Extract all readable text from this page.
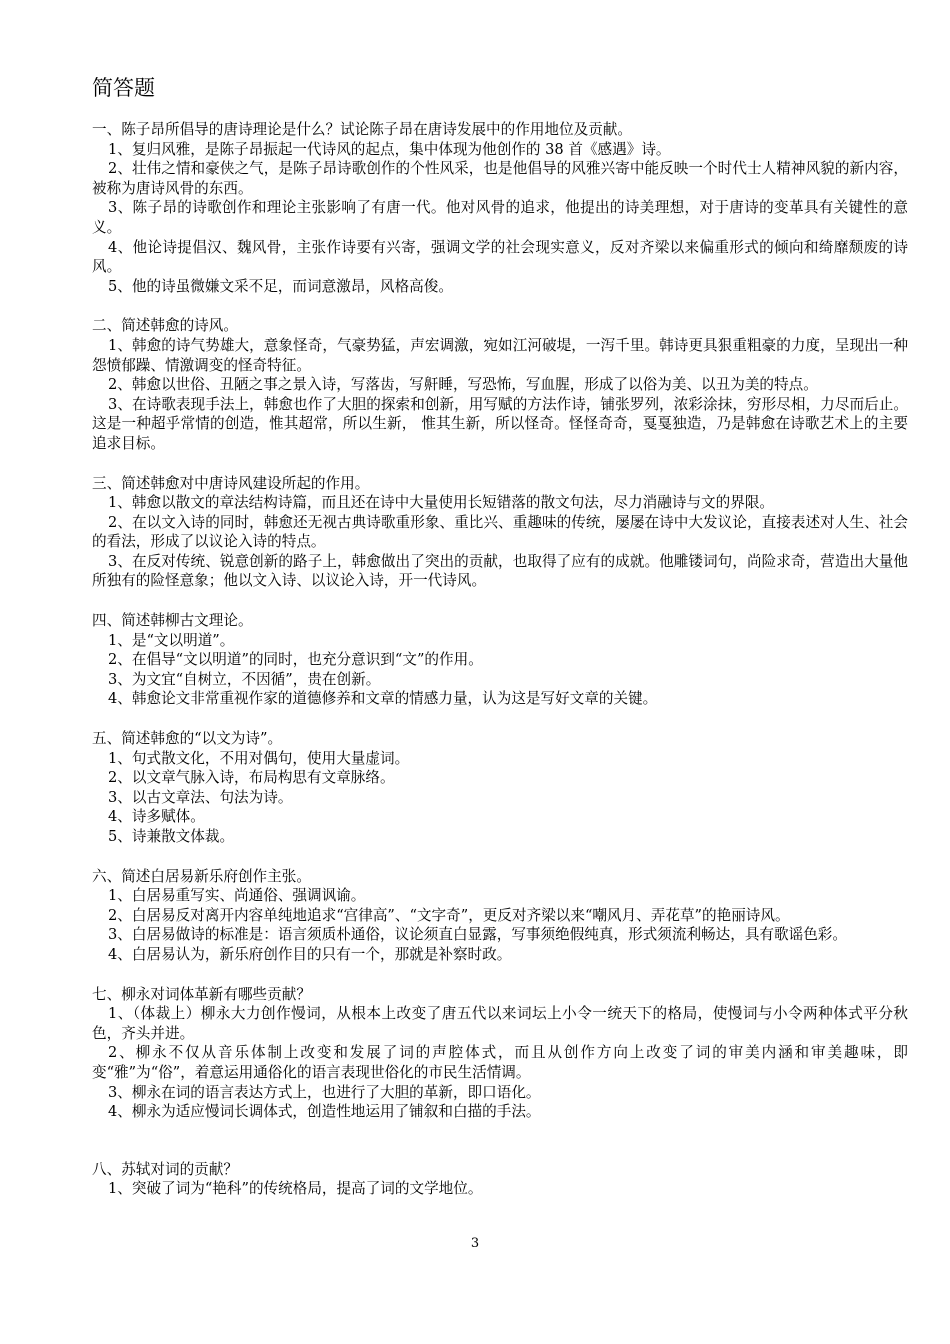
简答题

一、陈子昂所倡导的唐诗理论是什么？试论陈子昂在唐诗发展中的作用地位及贡献。

1、复归风雅，是陈子昂振起一代诗风的起点，集中体现为他创作的 38 首《感遇》诗。

2、壮伟之情和豪侠之气，是陈子昂诗歌创作的个性风采，也是他倡导的风雅兴寄中能反映一个时代士人精神风貌的新内容，被称为唐诗风骨的东西。

3、陈子昂的诗歌创作和理论主张影响了有唐一代。他对风骨的追求，他提出的诗美理想，对于唐诗的变革具有关键性的意义。

4、他论诗提倡汉、魏风骨，主张作诗要有兴寄，强调文学的社会现实意义，反对齐梁以来偏重形式的倾向和绮靡颓废的诗风。

5、他的诗虽微嫌文采不足，而词意激昂，风格高俊。

二、简述韩愈的诗风。

1、韩愈的诗气势雄大，意象怪奇，气豪势猛，声宏调激，宛如江河破堤，一泻千里。韩诗更具狠重粗豪的力度，呈现出一种怨愤郁躁、情激调变的怪奇特征。

2、韩愈以世俗、丑陋之事之景入诗，写落齿，写鼾睡，写恐怖，写血腥，形成了以俗为美、以丑为美的特点。

3、在诗歌表现手法上，韩愈也作了大胆的探索和创新，用写赋的方法作诗，铺张罗列，浓彩涂抹，穷形尽相，力尽而后止。这是一种超乎常情的创造，惟其超常，所以生新， 惟其生新，所以怪奇。怪怪奇奇，戛戛独造，乃是韩愈在诗歌艺术上的主要追求目标。

三、简述韩愈对中唐诗风建设所起的作用。

1、韩愈以散文的章法结构诗篇，而且还在诗中大量使用长短错落的散文句法，尽力消融诗与文的界限。

2、在以文入诗的同时，韩愈还无视古典诗歌重形象、重比兴、重趣味的传统，屡屡在诗中大发议论，直接表述对人生、社会的看法，形成了以议论入诗的特点。

3、在反对传统、锐意创新的路子上，韩愈做出了突出的贡献，也取得了应有的成就。他雕镂词句，尚险求奇，营造出大量他所独有的险怪意象；他以文入诗、以议论入诗，开一代诗风。

四、简述韩柳古文理论。

1、是“文以明道”。

2、在倡导“文以明道”的同时，也充分意识到“文”的作用。

3、为文宜“自树立，不因循”，贵在创新。

4、韩愈论文非常重视作家的道德修养和文章的情感力量，认为这是写好文章的关键。

五、简述韩愈的“以文为诗”。

1、句式散文化，不用对偶句，使用大量虚词。

2、以文章气脉入诗，布局构思有文章脉络。

3、以古文章法、句法为诗。

4、诗多赋体。

5、诗兼散文体裁。

六、简述白居易新乐府创作主张。

1、白居易重写实、尚通俗、强调讽谕。

2、白居易反对离开内容单纯地追求“宫律高”、“文字奇”，更反对齐梁以来“嘲风月、弄花草”的艳丽诗风。

3、白居易做诗的标准是：语言须质朴通俗，议论须直白显露，写事须绝假纯真，形式须流利畅达，具有歌谣色彩。

4、白居易认为，新乐府创作目的只有一个，那就是补察时政。

七、柳永对词体革新有哪些贡献？

1、（体裁上）柳永大力创作慢词，从根本上改变了唐五代以来词坛上小令一统天下的格局，使慢词与小令两种体式平分秋色，齐头并进。

2、柳永不仅从音乐体制上改变和发展了词的声腔体式，而且从创作方向上改变了词的审美内涵和审美趣味，即变“雅”为“俗”，着意运用通俗化的语言表现世俗化的市民生活情调。

3、柳永在词的语言表达方式上，也进行了大胆的革新，即口语化。

4、柳永为适应慢词长调体式，创造性地运用了铺叙和白描的手法。

八、苏轼对词的贡献？

1、突破了词为“艳科”的传统格局，提高了词的文学地位。

3
